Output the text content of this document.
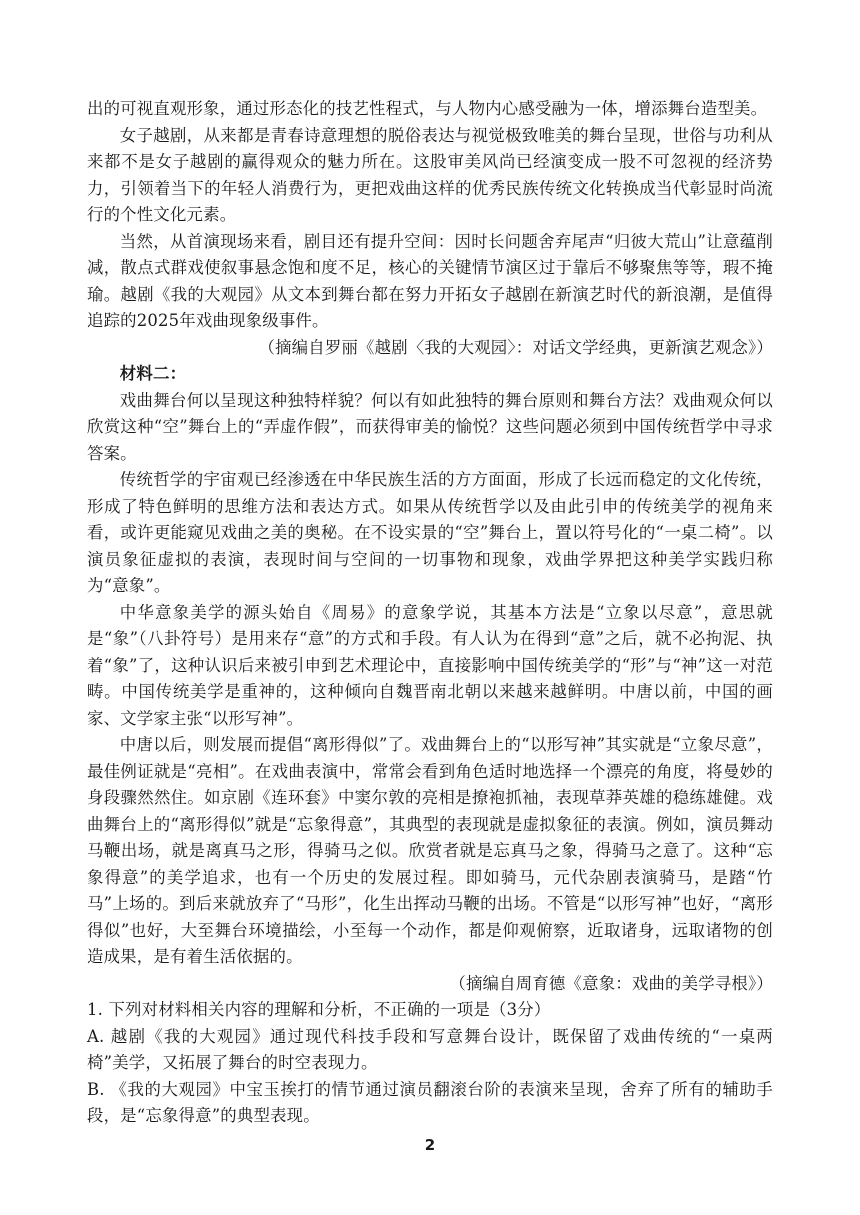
出的可视直观形象，通过形态化的技艺性程式，与人物内心感受融为一体，增添舞台造型美。

女子越剧，从来都是青春诗意理想的脱俗表达与视觉极致唯美的舞台呈现，世俗与功利从来都不是女子越剧的赢得观众的魅力所在。这股审美风尚已经演变成一股不可忽视的经济势力，引领着当下的年轻人消费行为，更把戏曲这样的优秀民族传统文化转换成当代彰显时尚流行的个性文化元素。

当然，从首演现场来看，剧目还有提升空间：因时长问题舍弃尾声“归彼大荒山”让意蕴削减，散点式群戏使叙事悬念饱和度不足，核心的关键情节演区过于靠后不够聚焦等等，瑕不掩瑜。越剧《我的大观园》从文本到舞台都在努力开拓女子越剧在新演艺时代的新浪潮，是值得追踪的2025年戏曲现象级事件。

（摘编自罗丽《越剧〈我的大观园〉：对话文学经典，更新演艺观念》）

材料二：

戏曲舞台何以呈现这种独特样貌？何以有如此独特的舞台原则和舞台方法？戏曲观众何以欣赏这种“空”舞台上的“弄虚作假”，而获得审美的愉悦？这些问题必须到中国传统哲学中寻求答案。

传统哲学的宇宙观已经渗透在中华民族生活的方方面面，形成了长远而稳定的文化传统，形成了特色鲜明的思维方法和表达方式。如果从传统哲学以及由此引申的传统美学的视角来看，或许更能窥见戏曲之美的奥秘。在不设实景的“空”舞台上，置以符号化的“一桌二椅”。以演员象征虚拟的表演，表现时间与空间的一切事物和现象，戏曲学界把这种美学实践归称为“意象”。

中华意象美学的源头始自《周易》的意象学说，其基本方法是“立象以尽意”，意思就是“象”（八卦符号）是用来存“意”的方式和手段。有人认为在得到“意”之后，就不必拘泥、执着“象”了，这种认识后来被引申到艺术理论中，直接影响中国传统美学的“形”与“神”这一对范畴。中国传统美学是重神的，这种倾向自魏晋南北朝以来越来越鲜明。中唐以前，中国的画家、文学家主张“以形写神”。

中唐以后，则发展而提倡“离形得似”了。戏曲舞台上的“以形写神”其实就是“立象尽意”，最佳例证就是“亮相”。在戏曲表演中，常常会看到角色适时地选择一个漂亮的角度，将曼妙的身段骤然然住。如京剧《连环套》中窦尔敦的亮相是撩袍抓袖，表现草莽英雄的稳练雄健。戏曲舞台上的“离形得似”就是“忘象得意”，其典型的表现就是虚拟象征的表演。例如，演员舞动马鞭出场，就是离真马之形，得骑马之似。欣赏者就是忘真马之象，得骑马之意了。这种“忘象得意”的美学追求，也有一个历史的发展过程。即如骑马，元代杂剧表演骑马，是踏“竹马”上场的。到后来就放弃了“马形”，化生出挥动马鞭的出场。不管是“以形写神”也好，“离形得似”也好，大至舞台环境描绘，小至每一个动作，都是仰观俯察，近取诸身，远取诸物的创造成果，是有着生活依据的。

（摘编自周育德《意象：戏曲的美学寻根》）

1. 下列对材料相关内容的理解和分析，不正确的一项是（3分）

A. 越剧《我的大观园》通过现代科技手段和写意舞台设计，既保留了戏曲传统的“一桌两椅”美学，又拓展了舞台的时空表现力。

B. 《我的大观园》中宝玉挨打的情节通过演员翻滚台阶的表演来呈现，舍弃了所有的辅助手段，是“忘象得意”的典型表现。

2
